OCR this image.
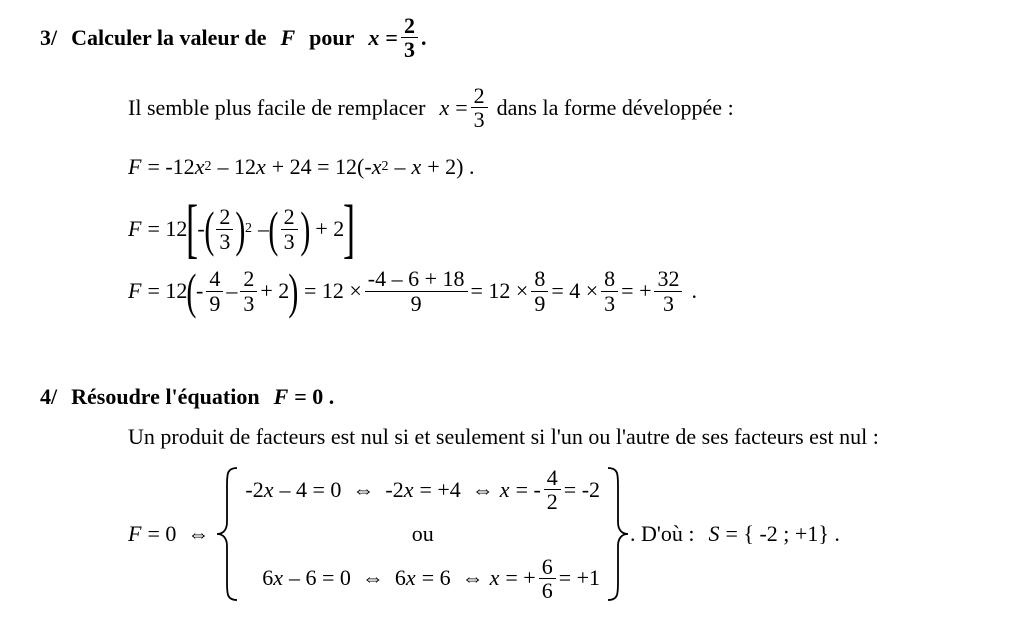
3/ Calculer la valeur de F pour $x = \frac{2}{3}$ .
Il semble plus facile de remplacer $x = \frac{2}{3}$ dans la forme développée :
F = -12 x 2 – 12 x + 24 = 12(- x 2 – x + 2) .
F = 12
[
- ( $\frac{2}{3}$ ) 2 – ( $\frac{2}{3}$ ) + 2
]
F = 12 ( - $\frac{4}{9} - \frac{2}{3} + 2$ ) = $12 \times \frac{-4 - 6 + 18}{9} = 12 \times \frac{8}{9} = 4 \times \frac{8}{3}$ = + $\frac{32}{3}$ .
4/ Résoudre l'équation F = 0 .
Un produit de facteurs est nul si et seulement si l'un ou l'autre de ses facteurs est nul :
F = 0  ⇔
-2 x – 4 = 0  ⇔  -2 x = +4  ⇔ x = - $\frac{4}{2} = -2$
ou
6 x – 6 = 0  ⇔  6 x = 6  ⇔ x = + $\frac{6}{6} = +1$
. D'où : S = { -2 ; +1} .
